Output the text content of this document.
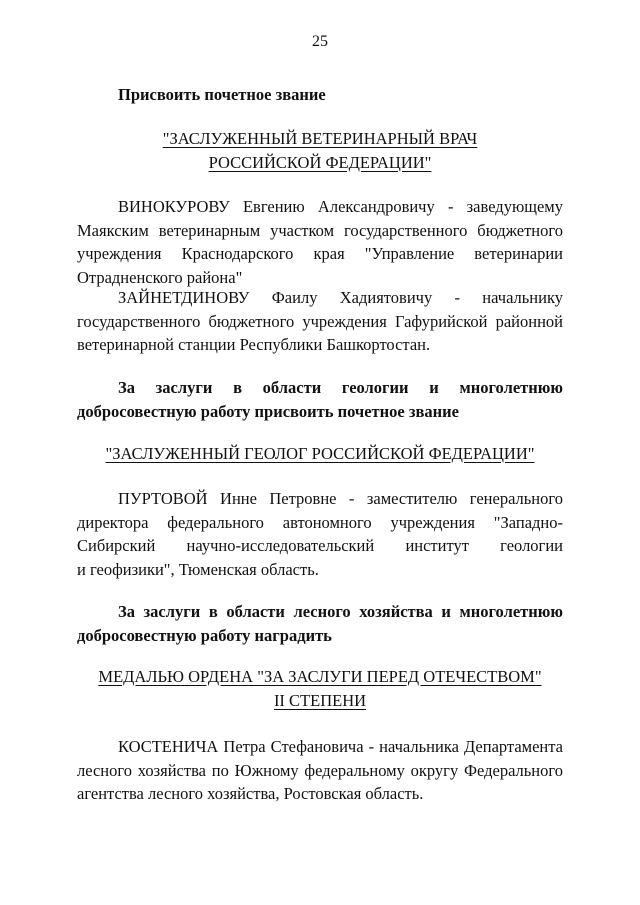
25
Присвоить почетное звание
"ЗАСЛУЖЕННЫЙ ВЕТЕРИНАРНЫЙ ВРАЧ
РОССИЙСКОЙ ФЕДЕРАЦИИ"
ВИНОКУРОВУ Евгению Александровичу - заведующему
Маякским ветеринарным участком государственного бюджетного
учреждения Краснодарского края "Управление ветеринарии
Отрадненского района"
ЗАЙНЕТДИНОВУ Фаилу Хадиятовичу - начальнику
государственного бюджетного учреждения Гафурийской районной
ветеринарной станции Республики Башкортостан.
За заслуги в области геологии и многолетнюю
добросовестную работу присвоить почетное звание
"ЗАСЛУЖЕННЫЙ ГЕОЛОГ РОССИЙСКОЙ ФЕДЕРАЦИИ"
ПУРТОВОЙ Инне Петровне - заместителю генерального
директора федерального автономного учреждения "Западно-
Сибирский научно-исследовательский институт геологии
и геофизики", Тюменская область.
За заслуги в области лесного хозяйства и многолетнюю
добросовестную работу наградить
МЕДАЛЬЮ ОРДЕНА "ЗА ЗАСЛУГИ ПЕРЕД ОТЕЧЕСТВОМ"
II СТЕПЕНИ
КОСТЕНИЧА Петра Стефановича - начальника Департамента
лесного хозяйства по Южному федеральному округу Федерального
агентства лесного хозяйства, Ростовская область.
